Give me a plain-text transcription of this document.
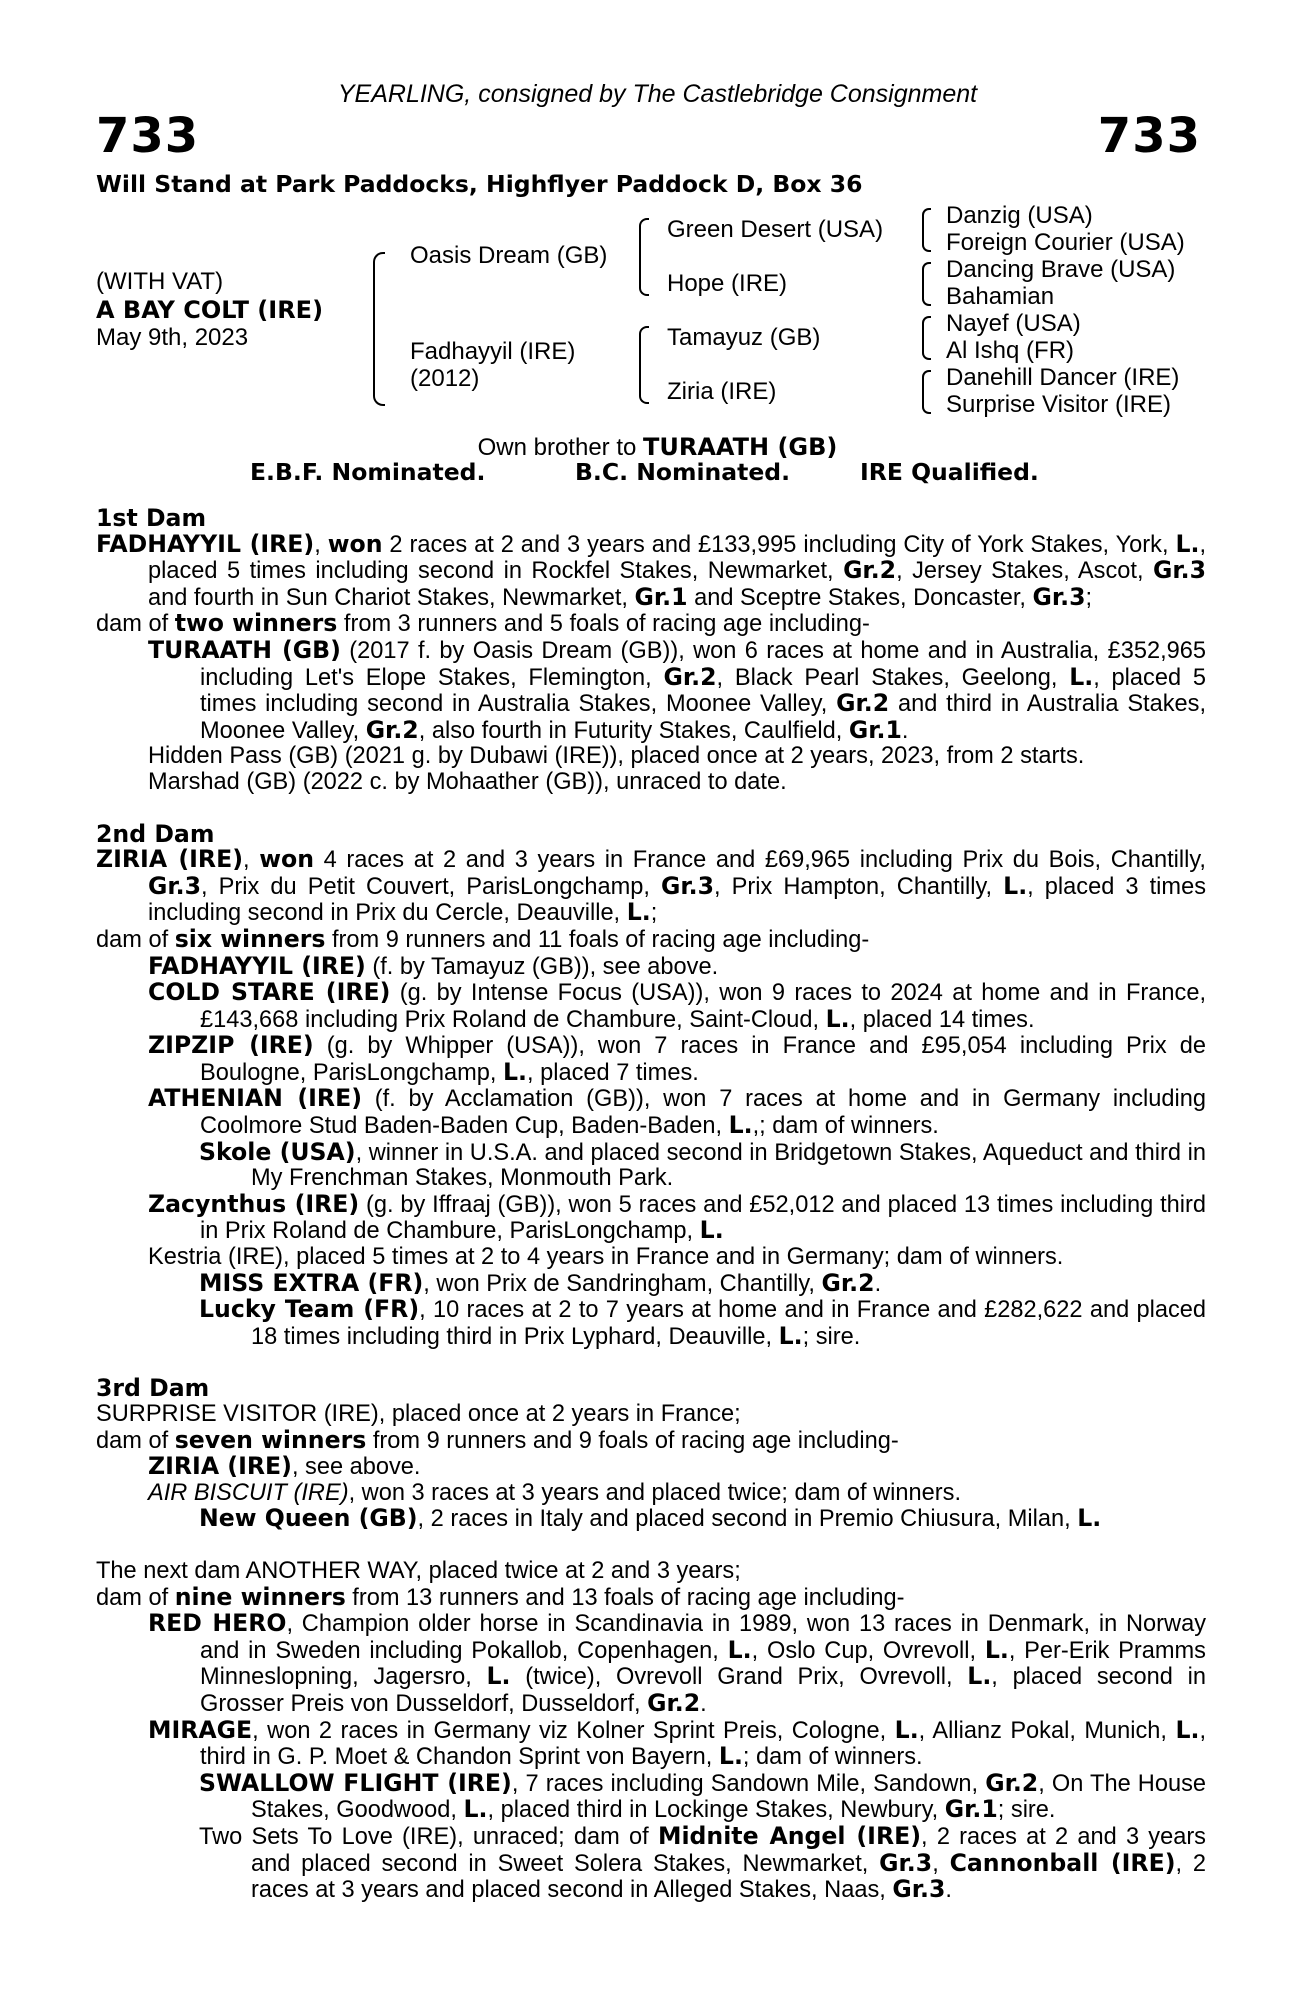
YEARLING, consigned by The Castlebridge Consignment
733	733
Will Stand at Park Paddocks, Highflyer Paddock D, Box 36
(WITH VAT)
A BAY COLT (IRE)
May 9th, 2023
Oasis Dream (GB)
Fadhayyil (IRE)
(2012)
Green Desert (USA)
Hope (IRE)
Tamayuz (GB)
Ziria (IRE)
Danzig (USA)
Foreign Courier (USA)
Dancing Brave (USA)
Bahamian
Nayef (USA)
Al Ishq (FR)
Danehill Dancer (IRE)
Surprise Visitor (IRE)
Own brother to TURAATH (GB)
E.B.F. Nominated.	B.C. Nominated.	IRE Qualified.

1st Dam

FADHAYYIL (IRE), won 2 races at 2 and 3 years and £133,995 including City of York Stakes, York, L., placed 5 times including second in Rockfel Stakes, Newmarket, Gr.2, Jersey Stakes, Ascot, Gr.3 and fourth in Sun Chariot Stakes, Newmarket, Gr.1 and Sceptre Stakes, Doncaster, Gr.3;

dam of two winners from 3 runners and 5 foals of racing age including-

TURAATH (GB) (2017 f. by Oasis Dream (GB)), won 6 races at home and in Australia, £352,965 including Let's Elope Stakes, Flemington, Gr.2, Black Pearl Stakes, Geelong, L., placed 5 times including second in Australia Stakes, Moonee Valley, Gr.2 and third in Australia Stakes, Moonee Valley, Gr.2, also fourth in Futurity Stakes, Caulfield, Gr.1.

Hidden Pass (GB) (2021 g. by Dubawi (IRE)), placed once at 2 years, 2023, from 2 starts.

Marshad (GB) (2022 c. by Mohaather (GB)), unraced to date.

2nd Dam

ZIRIA (IRE), won 4 races at 2 and 3 years in France and £69,965 including Prix du Bois, Chantilly, Gr.3, Prix du Petit Couvert, ParisLongchamp, Gr.3, Prix Hampton, Chantilly, L., placed 3 times including second in Prix du Cercle, Deauville, L.;

dam of six winners from 9 runners and 11 foals of racing age including-

FADHAYYIL (IRE) (f. by Tamayuz (GB)), see above.

COLD STARE (IRE) (g. by Intense Focus (USA)), won 9 races to 2024 at home and in France, £143,668 including Prix Roland de Chambure, Saint-Cloud, L., placed 14 times.

ZIPZIP (IRE) (g. by Whipper (USA)), won 7 races in France and £95,054 including Prix de Boulogne, ParisLongchamp, L., placed 7 times.

ATHENIAN (IRE) (f. by Acclamation (GB)), won 7 races at home and in Germany including Coolmore Stud Baden-Baden Cup, Baden-Baden, L.,; dam of winners.

Skole (USA), winner in U.S.A. and placed second in Bridgetown Stakes, Aqueduct and third in My Frenchman Stakes, Monmouth Park.

Zacynthus (IRE) (g. by Iffraaj (GB)), won 5 races and £52,012 and placed 13 times including third in Prix Roland de Chambure, ParisLongchamp, L.

Kestria (IRE), placed 5 times at 2 to 4 years in France and in Germany; dam of winners.

MISS EXTRA (FR), won Prix de Sandringham, Chantilly, Gr.2.

Lucky Team (FR), 10 races at 2 to 7 years at home and in France and £282,622 and placed 18 times including third in Prix Lyphard, Deauville, L.; sire.

3rd Dam

SURPRISE VISITOR (IRE), placed once at 2 years in France;

dam of seven winners from 9 runners and 9 foals of racing age including-

ZIRIA (IRE), see above.

AIR BISCUIT (IRE), won 3 races at 3 years and placed twice; dam of winners.

New Queen (GB), 2 races in Italy and placed second in Premio Chiusura, Milan, L.

The next dam ANOTHER WAY, placed twice at 2 and 3 years;

dam of nine winners from 13 runners and 13 foals of racing age including-

RED HERO, Champion older horse in Scandinavia in 1989, won 13 races in Denmark, in Norway and in Sweden including Pokallob, Copenhagen, L., Oslo Cup, Ovrevoll, L., Per-Erik Pramms Minneslopning, Jagersro, L. (twice), Ovrevoll Grand Prix, Ovrevoll, L., placed second in Grosser Preis von Dusseldorf, Dusseldorf, Gr.2.

MIRAGE, won 2 races in Germany viz Kolner Sprint Preis, Cologne, L., Allianz Pokal, Munich, L., third in G. P. Moet & Chandon Sprint von Bayern, L.; dam of winners.

SWALLOW FLIGHT (IRE), 7 races including Sandown Mile, Sandown, Gr.2, On The House Stakes, Goodwood, L., placed third in Lockinge Stakes, Newbury, Gr.1; sire.

Two Sets To Love (IRE), unraced; dam of Midnite Angel (IRE), 2 races at 2 and 3 years and placed second in Sweet Solera Stakes, Newmarket, Gr.3, Cannonball (IRE), 2 races at 3 years and placed second in Alleged Stakes, Naas, Gr.3.
